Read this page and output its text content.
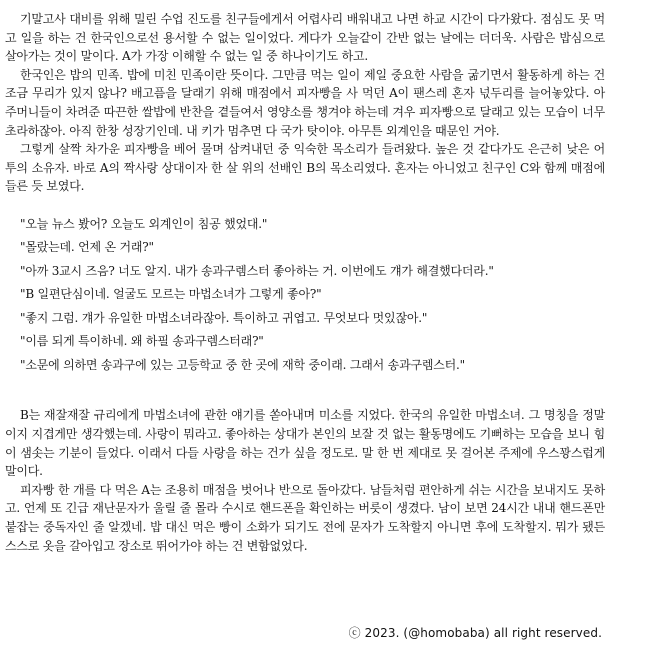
기말고사 대비를 위해 밀린 수업 진도를 친구들에게서 어렵사리 배워내고 나면 하교 시간이 다가왔다. 점심도 못 먹고 일을 하는 건 한국인으로선 용서할 수 없는 일이었다. 게다가 오늘같이 간반 없는 날에는 더더욱. 사람은 밥심으로 살아가는 것이 말이다. A가 가장 이해할 수 없는 일 중 하나이기도 하고.

한국인은 밥의 민족. 밥에 미친 민족이란 뜻이다. 그만큼 먹는 일이 제일 중요한 사람을 굶기면서 활동하게 하는 건 조금 무리가 있지 않나? 배고픔을 달래기 위해 매점에서 피자빵을 사 먹던 A이 팬스레 혼자 넋두리를 늘어놓았다. 아주머니들이 차려준 따끈한 쌀밥에 반찬을 곁들여서 영양소를 챙겨야 하는데 겨우 피자빵으로 달래고 있는 모습이 너무 초라하잖아. 아직 한창 성장기인데. 내 키가 멈추면 다 국가 탓이야. 아무튼 외계인을 때문인 거야.

그렇게 살짝 차가운 피자빵을 베어 물며 삼켜내던 중 익숙한 목소리가 들려왔다. 높은 것 같다가도 은근히 낮은 어투의 소유자. 바로 A의 짝사랑 상대이자 한 살 위의 선배인 B의 목소리였다. 혼자는 아니었고 친구인 C와 함께 매점에 들른 듯 보였다.

"오늘 뉴스 봤어? 오늘도 외계인이 침공 했었대."

"몰랐는데. 언제 온 거래?"

"아까 3교시 즈음? 너도 알지. 내가 송과구렘스터 좋아하는 거. 이번에도 걔가 해결했다더라."

"B 일편단심이네. 얼굴도 모르는 마법소녀가 그렇게 좋아?"

"좋지 그럼. 걔가 유일한 마법소녀라잖아. 특이하고 귀엽고. 무엇보다 멋있잖아."

"이름 되게 특이하네. 왜 하필 송과구렘스터래?"

"소문에 의하면 송과구에 있는 고등학교 중 한 곳에 재학 중이래. 그래서 송과구렘스터."

B는 재잘재잘 규리에게 마법소녀에 관한 얘기를 쏟아내며 미소를 지었다. 한국의 유일한 마법소녀. 그 명칭을 정말이지 지겹게만 생각했는데. 사랑이 뭐라고. 좋아하는 상대가 본인의 보잘 것 없는 활동명에도 기뻐하는 모습을 보니 힘이 샘솟는 기분이 들었다. 이래서 다들 사랑을 하는 건가 싶을 정도로. 말 한 번 제대로 못 걸어본 주제에 우스꽝스럽게 말이다.

피자빵 한 개를 다 먹은 A는 조용히 매점을 벗어나 반으로 돌아갔다. 남들처럼 편안하게 쉬는 시간을 보내지도 못하고. 언제 또 긴급 재난문자가 울릴 줄 몰라 수시로 핸드폰을 확인하는 버릇이 생겼다. 남이 보면 24시간 내내 핸드폰만 붙잡는 중독자인 줄 알겠네. 밥 대신 먹은 빵이 소화가 되기도 전에 문자가 도착할지 아니면 후에 도착할지. 뭐가 됐든 스스로 옷을 갈아입고 장소로 뛰어가야 하는 건 변함없었다.

ⓒ 2023. (@homobaba) all right reserved.
